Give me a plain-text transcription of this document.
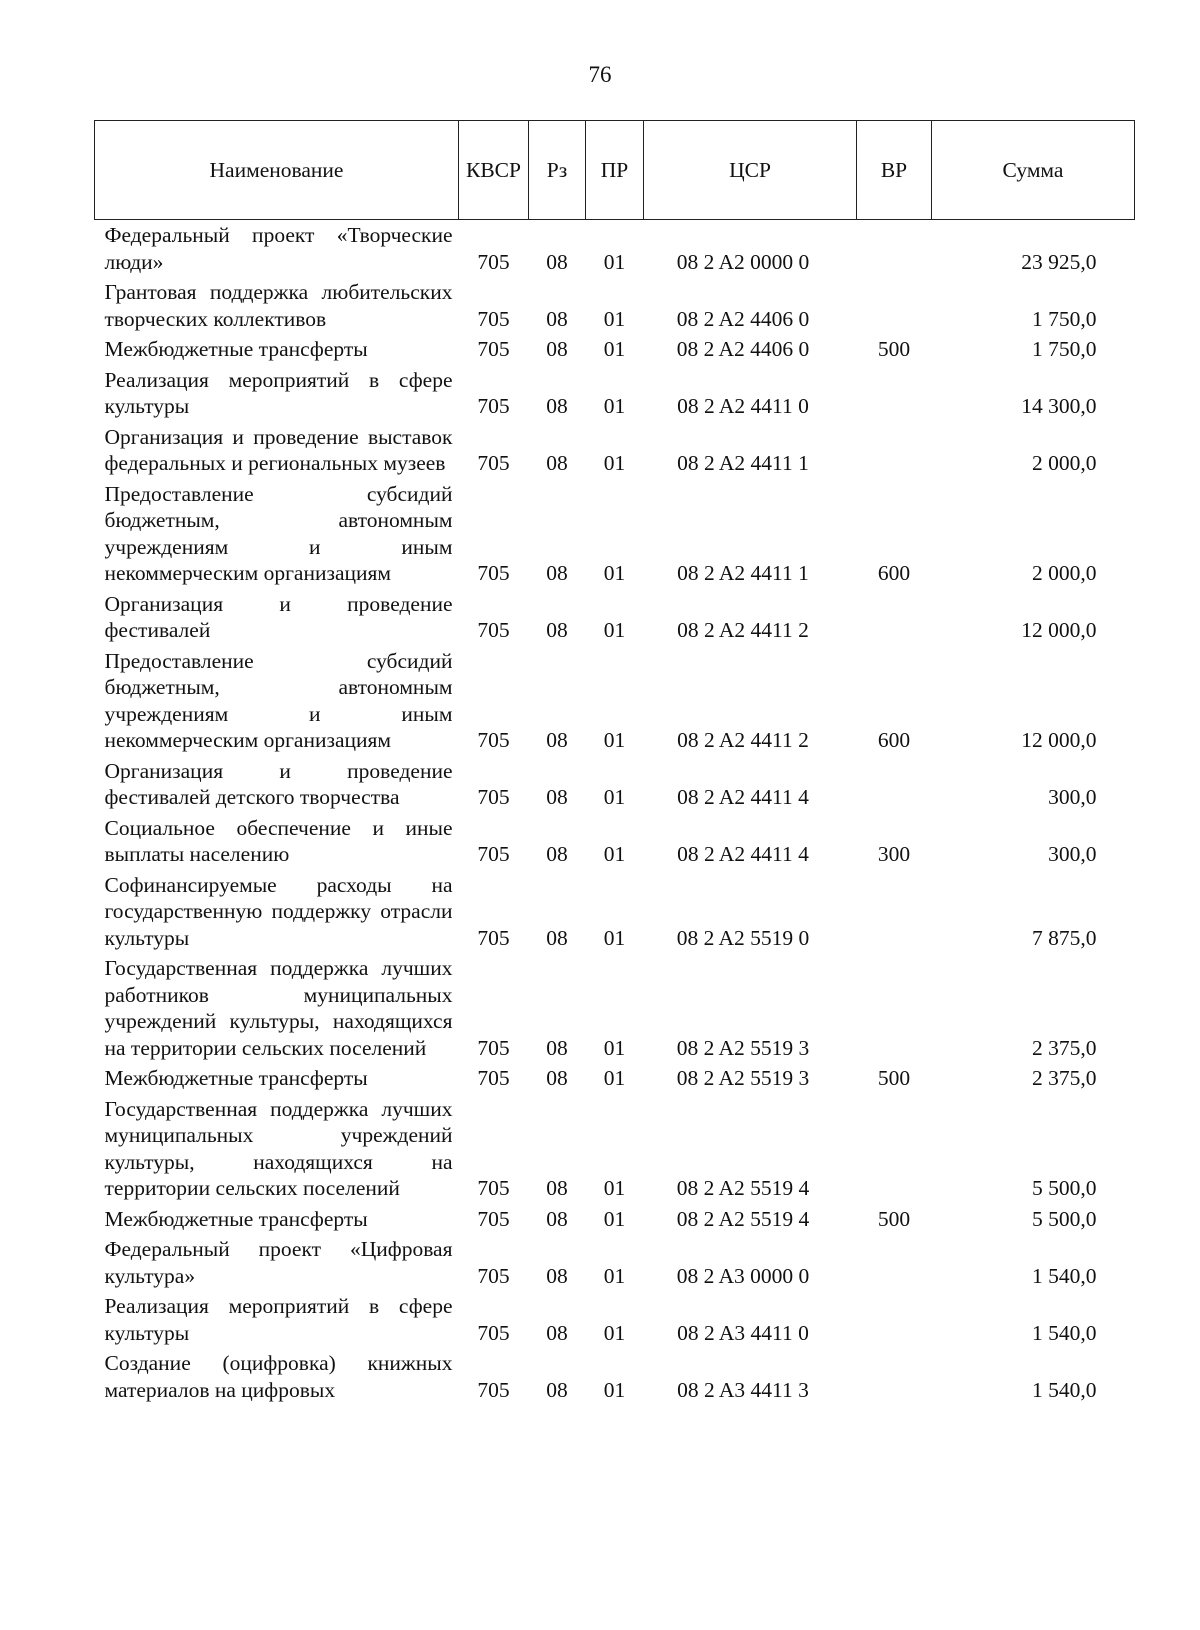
76
Наименование	КВСР	Рз	ПР	ЦСР	ВР	Сумма
Федеральный проект «Творческие люди»	705	08	01	08 2 A2 0000 0		23 925,0
Грантовая поддержка любительских творческих коллективов	705	08	01	08 2 A2 4406 0		1 750,0
Межбюджетные трансферты	705	08	01	08 2 A2 4406 0	500	1 750,0
Реализация мероприятий в сфере культуры	705	08	01	08 2 A2 4411 0		14 300,0
Организация и проведение выставок федеральных и региональных музеев	705	08	01	08 2 A2 4411 1		2 000,0
Предоставление субсидий бюджетным, автономным учреждениям и иным некоммерческим организациям	705	08	01	08 2 A2 4411 1	600	2 000,0
Организация и проведение фестивалей	705	08	01	08 2 A2 4411 2		12 000,0
Предоставление субсидий бюджетным, автономным учреждениям и иным некоммерческим организациям	705	08	01	08 2 A2 4411 2	600	12 000,0
Организация и проведение фестивалей детского творчества	705	08	01	08 2 A2 4411 4		300,0
Социальное обеспечение и иные выплаты населению	705	08	01	08 2 A2 4411 4	300	300,0
Софинансируемые расходы на государственную поддержку отрасли культуры	705	08	01	08 2 A2 5519 0		7 875,0
Государственная поддержка лучших работников муниципальных учреждений культуры, находящихся на территории сельских поселений	705	08	01	08 2 A2 5519 3		2 375,0
Межбюджетные трансферты	705	08	01	08 2 A2 5519 3	500	2 375,0
Государственная поддержка лучших муниципальных учреждений культуры, находящихся на территории сельских поселений	705	08	01	08 2 A2 5519 4		5 500,0
Межбюджетные трансферты	705	08	01	08 2 A2 5519 4	500	5 500,0
Федеральный проект «Цифровая культура»	705	08	01	08 2 A3 0000 0		1 540,0
Реализация мероприятий в сфере культуры	705	08	01	08 2 A3 4411 0		1 540,0
Создание (оцифровка) книжных материалов на цифровых	705	08	01	08 2 A3 4411 3		1 540,0
